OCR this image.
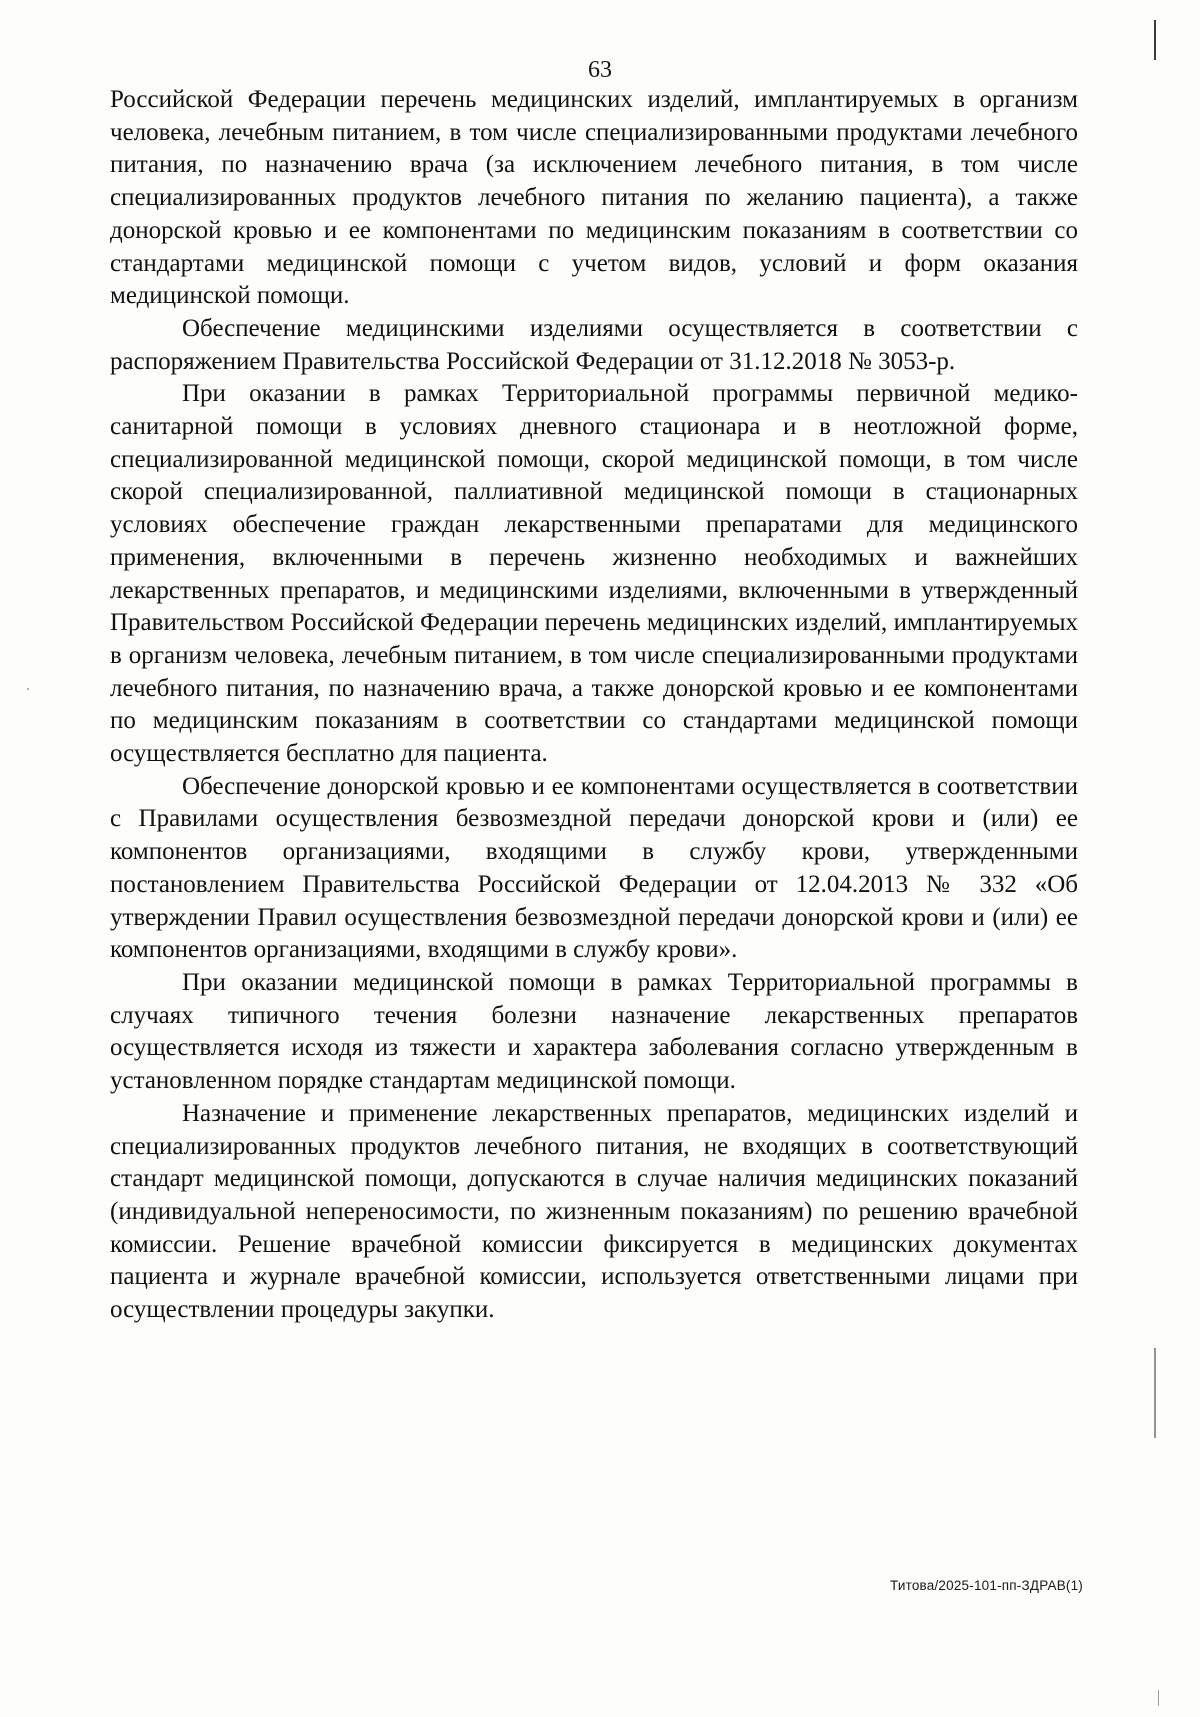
63

Российской Федерации перечень медицинских изделий, имплантируемых в организм человека, лечебным питанием, в том числе специализированными продуктами лечебного питания, по назначению врача (за исключением лечебного питания, в том числе специализированных продуктов лечебного питания по желанию пациента), а также донорской кровью и ее компонентами по медицинским показаниям в соответствии со стандартами медицинской помощи с учетом видов, условий и форм оказания медицинской помощи.

Обеспечение медицинскими изделиями осуществляется в соответствии с распоряжением Правительства Российской Федерации от 31.12.2018 № 3053-р.

При оказании в рамках Территориальной программы первичной медико-санитарной помощи в условиях дневного стационара и в неотложной форме, специализированной медицинской помощи, скорой медицинской помощи, в том числе скорой специализированной, паллиативной медицинской помощи в стационарных условиях обеспечение граждан лекарственными препаратами для медицинского применения, включенными в перечень жизненно необходимых и важнейших лекарственных препаратов, и медицинскими изделиями, включенными в утвержденный Правительством Российской Федерации перечень медицинских изделий, имплантируемых в организм человека, лечебным питанием, в том числе специализированными продуктами лечебного питания, по назначению врача, а также донорской кровью и ее компонентами по медицинским показаниям в соответствии со стандартами медицинской помощи осуществляется бесплатно для пациента.

Обеспечение донорской кровью и ее компонентами осуществляется в соответствии с Правилами осуществления безвозмездной передачи донорской крови и (или) ее компонентов организациями, входящими в службу крови, утвержденными постановлением Правительства Российской Федерации от 12.04.2013 № 332 «Об утверждении Правил осуществления безвозмездной передачи донорской крови и (или) ее компонентов организациями, входящими в службу крови».

При оказании медицинской помощи в рамках Территориальной программы в случаях типичного течения болезни назначение лекарственных препаратов осуществляется исходя из тяжести и характера заболевания согласно утвержденным в установленном порядке стандартам медицинской помощи.

Назначение и применение лекарственных препаратов, медицинских изделий и специализированных продуктов лечебного питания, не входящих в соответствующий стандарт медицинской помощи, допускаются в случае наличия медицинских показаний (индивидуальной непереносимости, по жизненным показаниям) по решению врачебной комиссии. Решение врачебной комиссии фиксируется в медицинских документах пациента и журнале врачебной комиссии, используется ответственными лицами при осуществлении процедуры закупки.

Титова/2025-101-пп-ЗДРАВ(1)
